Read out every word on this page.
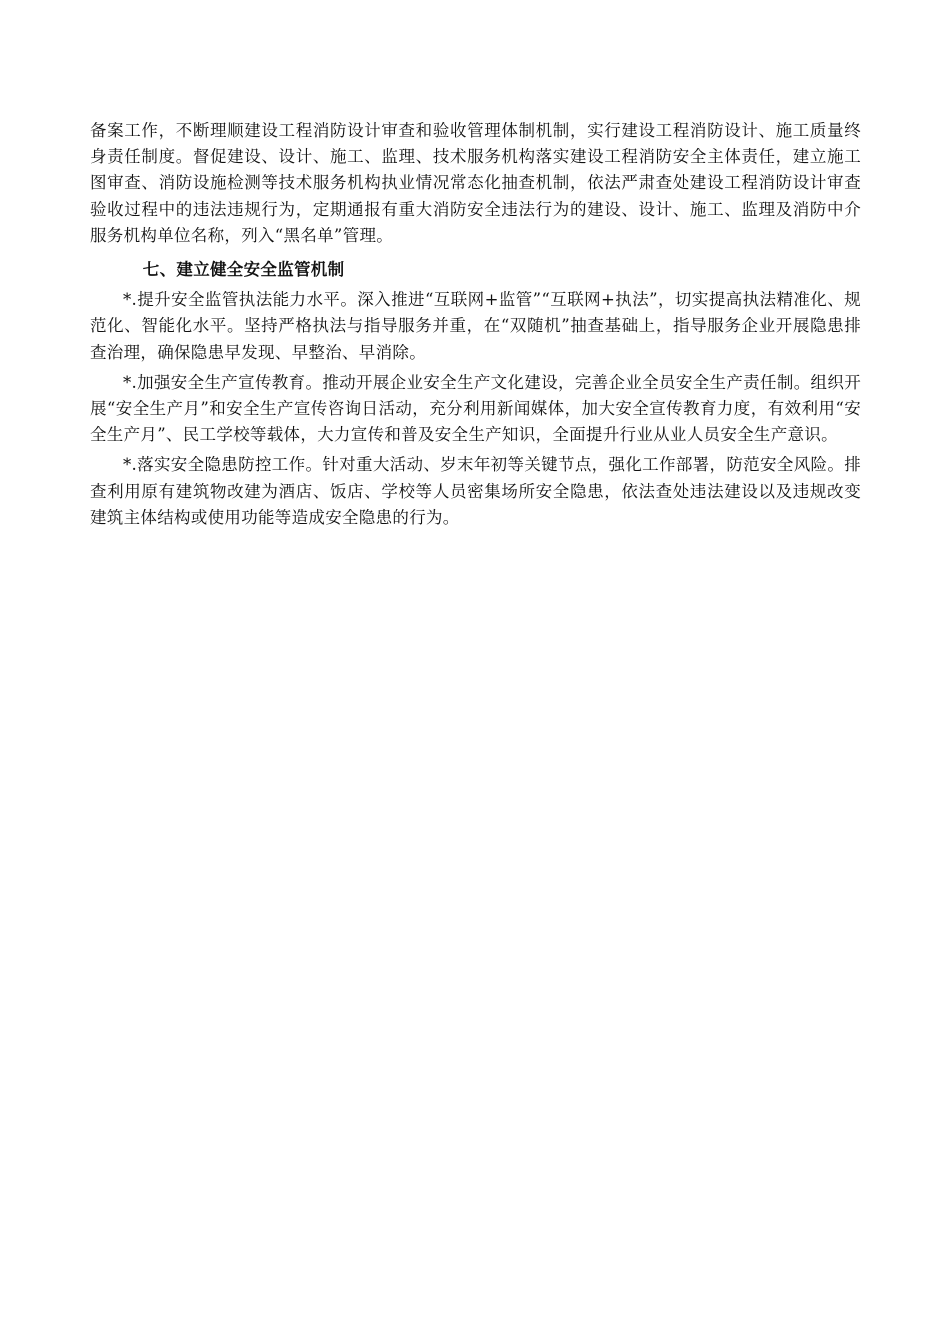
备案工作，不断理顺建设工程消防设计审查和验收管理体制机制，实行建设工程消防设计、施工质量终身责任制度。督促建设、设计、施工、监理、技术服务机构落实建设工程消防安全主体责任，建立施工图审查、消防设施检测等技术服务机构执业情况常态化抽查机制，依法严肃查处建设工程消防设计审查验收过程中的违法违规行为，定期通报有重大消防安全违法行为的建设、设计、施工、监理及消防中介服务机构单位名称，列入“黑名单”管理。

七、建立健全安全监管机制

*.提升安全监管执法能力水平。深入推进“互联网+监管”“互联网+执法”，切实提高执法精准化、规范化、智能化水平。坚持严格执法与指导服务并重，在“双随机”抽查基础上，指导服务企业开展隐患排查治理，确保隐患早发现、早整治、早消除。

*.加强安全生产宣传教育。推动开展企业安全生产文化建设，完善企业全员安全生产责任制。组织开展“安全生产月”和安全生产宣传咨询日活动，充分利用新闻媒体，加大安全宣传教育力度，有效利用“安全生产月”、民工学校等载体，大力宣传和普及安全生产知识，全面提升行业从业人员安全生产意识。

*.落实安全隐患防控工作。针对重大活动、岁末年初等关键节点，强化工作部署，防范安全风险。排查利用原有建筑物改建为酒店、饭店、学校等人员密集场所安全隐患，依法查处违法建设以及违规改变建筑主体结构或使用功能等造成安全隐患的行为。
